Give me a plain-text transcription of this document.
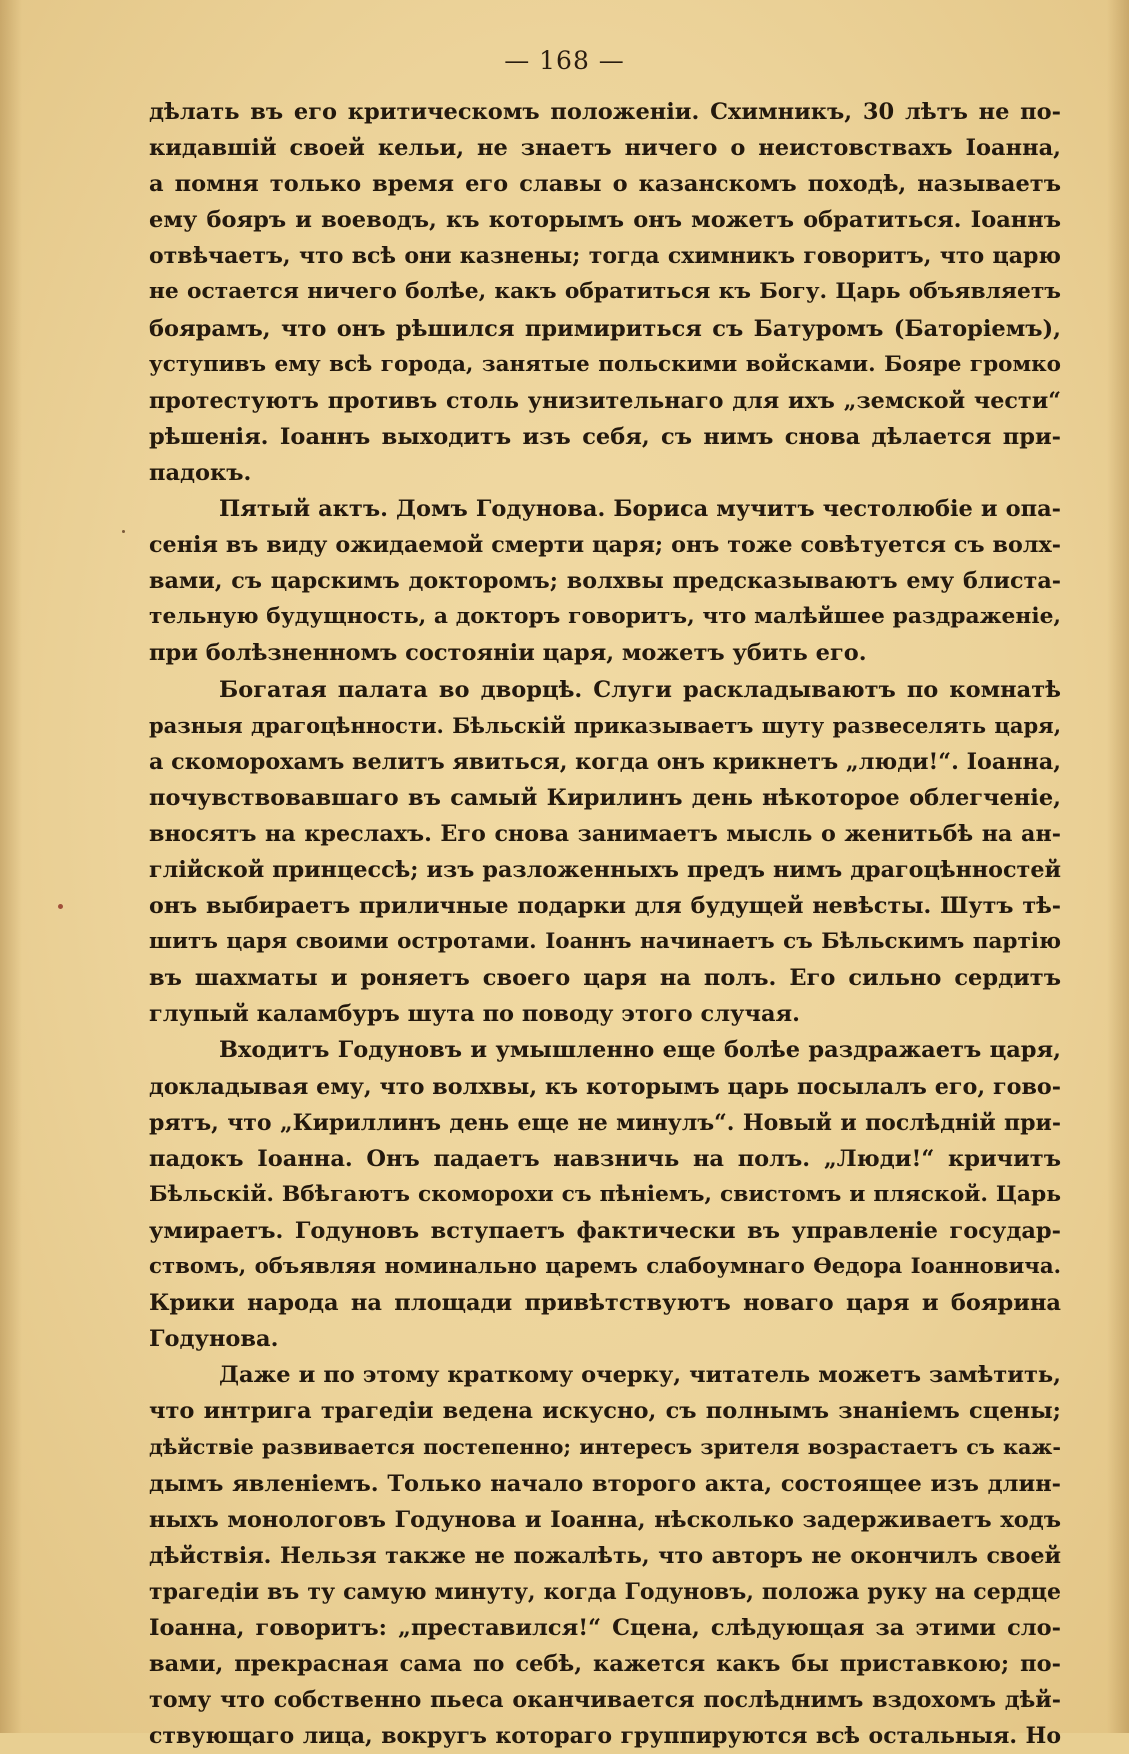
— 168 —
дѣлать въ его критическомъ положеніи. Схимникъ, 30 лѣтъ не по-
кидавшій своей кельи, не знаетъ ничего о неистовствахъ Іоанна,
а помня только время его славы о казанскомъ походѣ, называетъ
ему бояръ и воеводъ, къ которымъ онъ можетъ обратиться. Іоаннъ
отвѣчаетъ, что всѣ они казнены; тогда схимникъ говоритъ, что царю
не остается ничего болѣе, какъ обратиться къ Богу. Царь объявляетъ
боярамъ, что онъ рѣшился примириться съ Батуромъ (Баторіемъ),
уступивъ ему всѣ города, занятые польскими войсками. Бояре громко
протестуютъ противъ столь унизительнаго для ихъ „земской чести“
рѣшенія. Іоаннъ выходитъ изъ себя, съ нимъ снова дѣлается при-
падокъ.
Пятый актъ. Домъ Годунова. Бориса мучитъ честолюбіе и опа-
сенія въ виду ожидаемой смерти царя; онъ тоже совѣтуется съ волх-
вами, съ царскимъ докторомъ; волхвы предсказываютъ ему блиста-
тельную будущность, а докторъ говоритъ, что малѣйшее раздраженіе,
при болѣзненномъ состояніи царя, можетъ убить его.
Богатая палата во дворцѣ. Слуги раскладываютъ по комнатѣ
разныя драгоцѣнности. Бѣльскій приказываетъ шуту развеселять царя,
а скоморохамъ велитъ явиться, когда онъ крикнетъ „люди!“. Іоанна,
почувствовавшаго въ самый Кирилинъ день нѣкоторое облегченіе,
вносятъ на креслахъ. Его снова занимаетъ мысль о женитьбѣ на ан-
глійской принцессѣ; изъ разложенныхъ предъ нимъ драгоцѣнностей
онъ выбираетъ приличные подарки для будущей невѣсты. Шутъ тѣ-
шитъ царя своими остротами. Іоаннъ начинаетъ съ Бѣльскимъ партію
въ шахматы и роняетъ своего царя на полъ. Его сильно сердитъ
глупый каламбуръ шута по поводу этого случая.
Входитъ Годуновъ и умышленно еще болѣе раздражаетъ царя,
докладывая ему, что волхвы, къ которымъ царь посылалъ его, гово-
рятъ, что „Кириллинъ день еще не минулъ“. Новый и послѣдній при-
падокъ Іоанна. Онъ падаетъ навзничь на полъ. „Люди!“ кричитъ
Бѣльскій. Вбѣгаютъ скоморохи съ пѣніемъ, свистомъ и пляской. Царь
умираетъ. Годуновъ вступаетъ фактически въ управленіе государ-
ствомъ, объявляя номинально царемъ слабоумнаго Ѳедора Іоанновича.
Крики народа на площади привѣтствуютъ новаго царя и боярина
Годунова.
Даже и по этому краткому очерку, читатель можетъ замѣтить,
что интрига трагедіи ведена искусно, съ полнымъ знаніемъ сцены;
дѣйствіе развивается постепенно; интересъ зрителя возрастаетъ съ каж-
дымъ явленіемъ. Только начало второго акта, состоящее изъ длин-
ныхъ монологовъ Годунова и Іоанна, нѣсколько задерживаетъ ходъ
дѣйствія. Нельзя также не пожалѣть, что авторъ не окончилъ своей
трагедіи въ ту самую минуту, когда Годуновъ, положа руку на сердце
Іоанна, говоритъ: „преставился!“ Сцена, слѣдующая за этими сло-
вами, прекрасная сама по себѣ, кажется какъ бы приставкою; по-
тому что собственно пьеса оканчивается послѣднимъ вздохомъ дѣй-
ствующаго лица, вокругъ котораго группируются всѣ остальныя. Но
